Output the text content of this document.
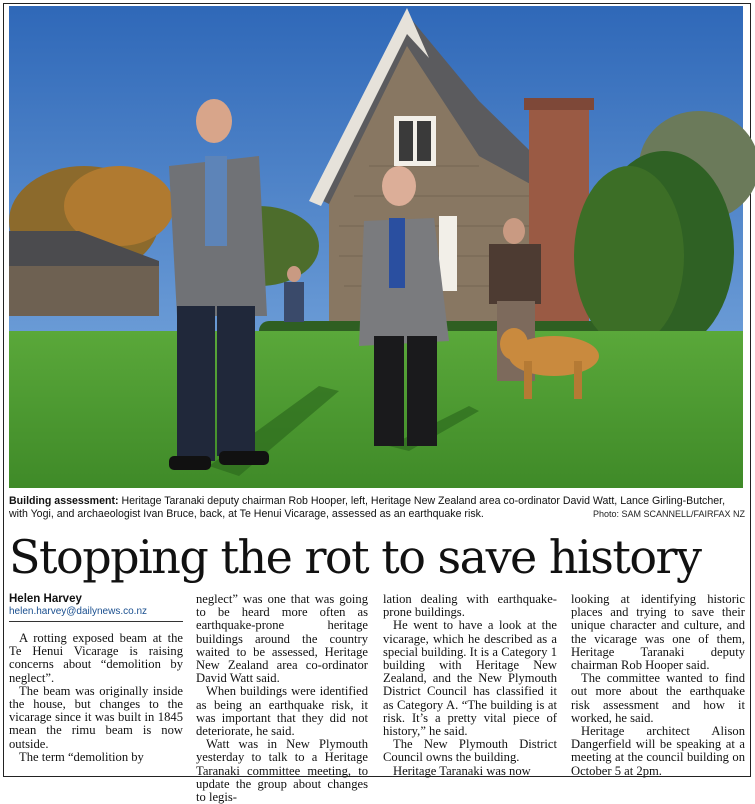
Building assessment: Heritage Taranaki deputy chairman Rob Hooper, left, Heritage New Zealand area co-ordinator David Watt, Lance Girling-Butcher, with Yogi, and archaeologist Ivan Bruce, back, at Te Henui Vicarage, assessed as an earthquake risk.	Photo: SAM SCANNELL/FAIRFAX NZ
Stopping the rot to save history
Helen Harvey
helen.harvey@dailynews.co.nz

A rotting exposed beam at the Te Henui Vicarage is raising concerns about “demolition by neglect”.

The beam was originally inside the house, but changes to the vicarage since it was built in 1845 mean the rimu beam is now outside.

The term “demolition by

neglect” was one that was going to be heard more often as earthquake-prone heritage buildings around the country waited to be assessed, Heritage New Zealand area co-ordinator David Watt said.

When buildings were identified as being an earthquake risk, it was important that they did not deteriorate, he said.

Watt was in New Plymouth yesterday to talk to a Heritage Taranaki committee meeting, to update the group about changes to legis-

lation dealing with earthquake-prone buildings.

He went to have a look at the vicarage, which he described as a special building. It is a Category 1 building with Heritage New Zealand, and the New Plymouth District Council has classified it as Category A. “The building is at risk. It’s a pretty vital piece of history,” he said.

The New Plymouth District Council owns the building.

Heritage Taranaki was now

looking at identifying historic places and trying to save their unique character and culture, and the vicarage was one of them, Heritage Taranaki deputy chairman Rob Hooper said.

The committee wanted to find out more about the earthquake risk assessment and how it worked, he said.

Heritage architect Alison Dangerfield will be speaking at a meeting at the council building on October 5 at 2pm.
